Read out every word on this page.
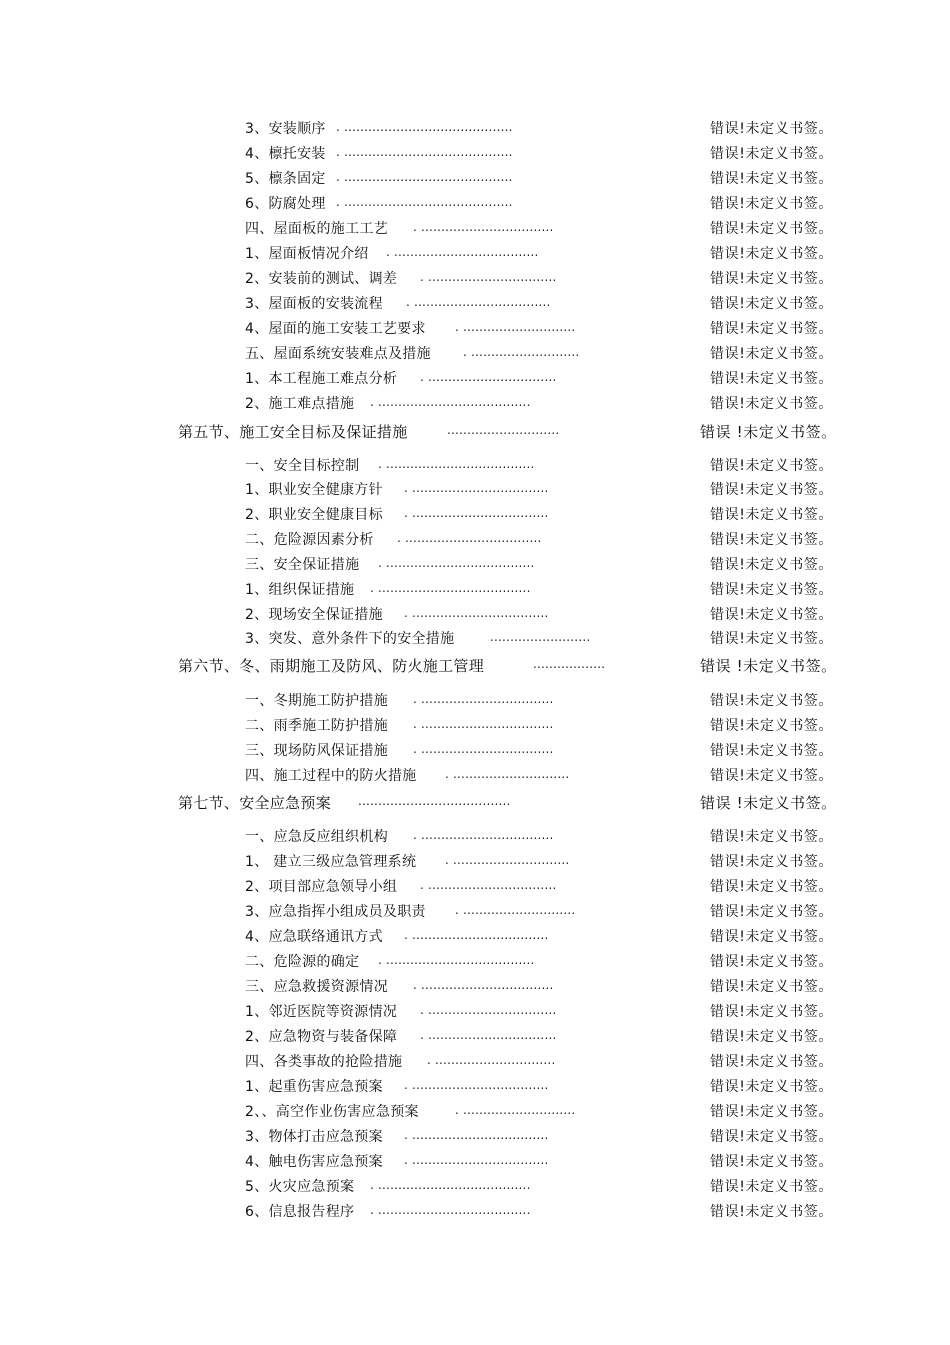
3、安装顺序 . ..........................................	错误!未定义书签。
4、檩托安装 . ..........................................	错误!未定义书签。
5、檩条固定 . ..........................................	错误!未定义书签。
6、防腐处理 . ..........................................	错误!未定义书签。
四、屋面板的施工工艺 . .................................	错误!未定义书签。
1、屋面板情况介绍 . ....................................	错误!未定义书签。
2、安装前的测试、调差 . ................................	错误!未定义书签。
3、屋面板的安装流程 . ..................................	错误!未定义书签。
4、屋面的施工安装工艺要求 . ............................	错误!未定义书签。
五、屋面系统安装难点及措施	. ...........................	错误!未定义书签。
1、本工程施工难点分析 . ................................	错误!未定义书签。
2、施工难点措施 . ......................................	错误!未定义书签。
第五节、施工安全目标及保证措施	............................	错误 !未定义书签。
一、安全目标控制 . .....................................	错误!未定义书签。
1、职业安全健康方针 . ..................................	错误!未定义书签。
2、职业安全健康目标 . ..................................	错误!未定义书签。
二、危险源因素分析 . ..................................	错误!未定义书签。
三、安全保证措施 . .....................................	错误!未定义书签。
1、组织保证措施 . ......................................	错误!未定义书签。
2、现场安全保证措施 . ..................................	错误!未定义书签。
3、突发、意外条件下的安全措施	.........................	错误!未定义书签。
第六节、冬、雨期施工及防风、防火施工管理	..................	错误 !未定义书签。
一、冬期施工防护措施 . .................................	错误!未定义书签。
二、雨季施工防护措施 . .................................	错误!未定义书签。
三、现场防风保证措施 . .................................	错误!未定义书签。
四、施工过程中的防火措施 . .............................	错误!未定义书签。
第七节、安全应急预案 ......................................	错误 !未定义书签。
一、应急反应组织机构 . .................................	错误!未定义书签。
1、 建立三级应急管理系统 . .............................	错误!未定义书签。
2、项目部应急领导小组 . ................................	错误!未定义书签。
3、应急指挥小组成员及职责 . ............................	错误!未定义书签。
4、应急联络通讯方式 . ..................................	错误!未定义书签。
二、危险源的确定 . .....................................	错误!未定义书签。
三、应急救援资源情况 . .................................	错误!未定义书签。
1、邻近医院等资源情况 . ................................	错误!未定义书签。
2、应急物资与装备保障 . ................................	错误!未定义书签。
四、各类事故的抢险措施 . ..............................	错误!未定义书签。
1、起重伤害应急预案 . ..................................	错误!未定义书签。
2、、高空作业伤害应急预案	. ............................	错误!未定义书签。
3、物体打击应急预案 . ..................................	错误!未定义书签。
4、触电伤害应急预案 . ..................................	错误!未定义书签。
5、火灾应急预案 . ......................................	错误!未定义书签。
6、信息报告程序 . ......................................	错误!未定义书签。
